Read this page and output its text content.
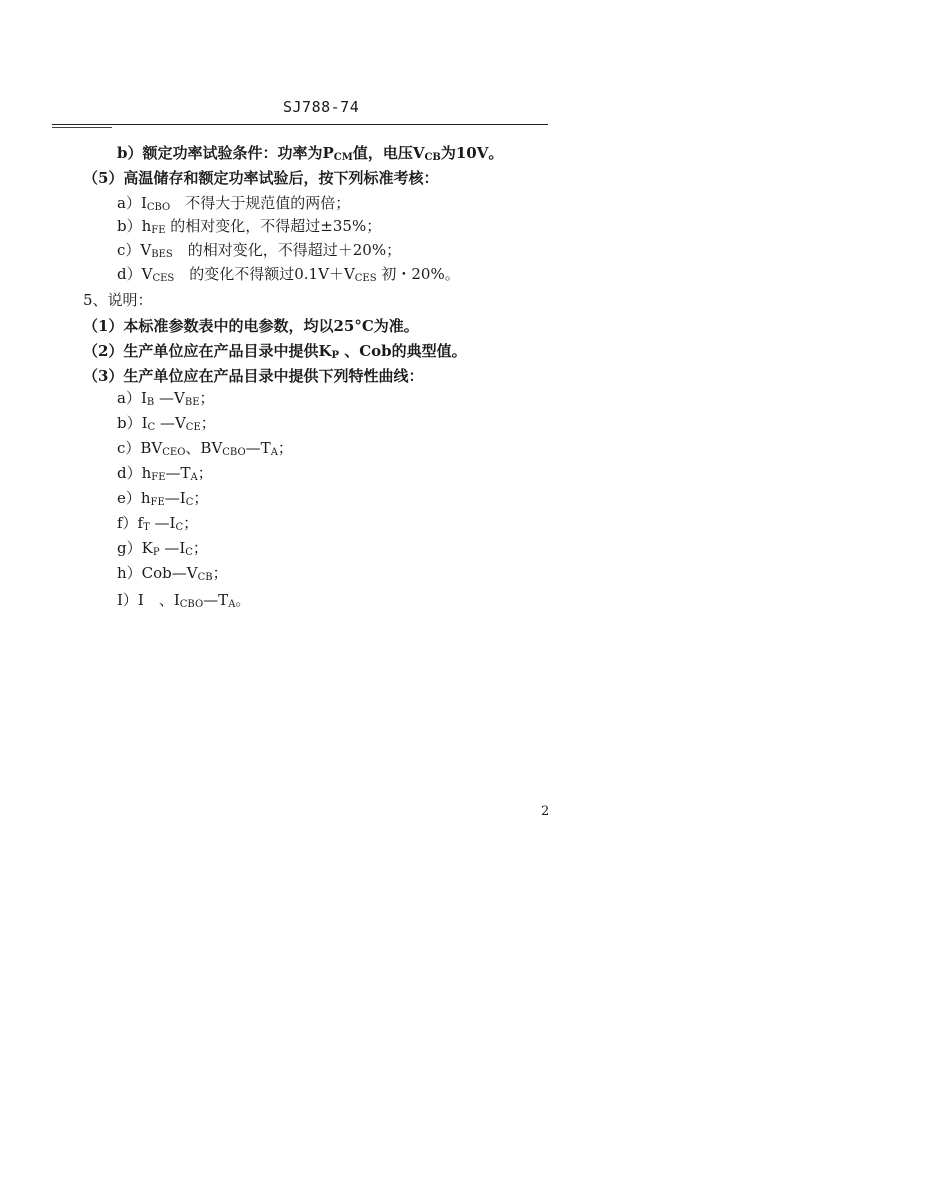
SJ788-74
b）额定功率试验条件：功率为$P_{CM}$值，电压$V_{CB}$为10V。
（5）高温储存和额定功率试验后，按下列标准考核：
$a)I_{CBO}$　不得大于规范值的两倍；
$b)h_{FE}$ 的相对变化，不得超过±35%；
$c)V_{BES}$　的相对变化，不得超过＋20%；
$d)V_{CES}$　的变化不得额过$0.1V+V_{CES}$ 初・20%。
5、说明：
（1）本标准参数表中的电参数，均以25°C为准。
（2）生产单位应在产品目录中提供$K_P$ 、Cob的典型值。
（3）生产单位应在产品目录中提供下列特性曲线：
$a)I_B$ $—V_{BE}$；
$b)I_C$ $—V_{CE}$；
$c)BV_{CEO}$、$BV_{CBO}—T_A$；
$d)h_{FE}—T_A$；
$e)h_{FE}—I_C$；
$f)f_T$ $—I_C$；
$g)K_P$ $—I_C$；
$h)Cob—V_{CB}$；
I）I　、$I_{CBO}—T_A$。
2
